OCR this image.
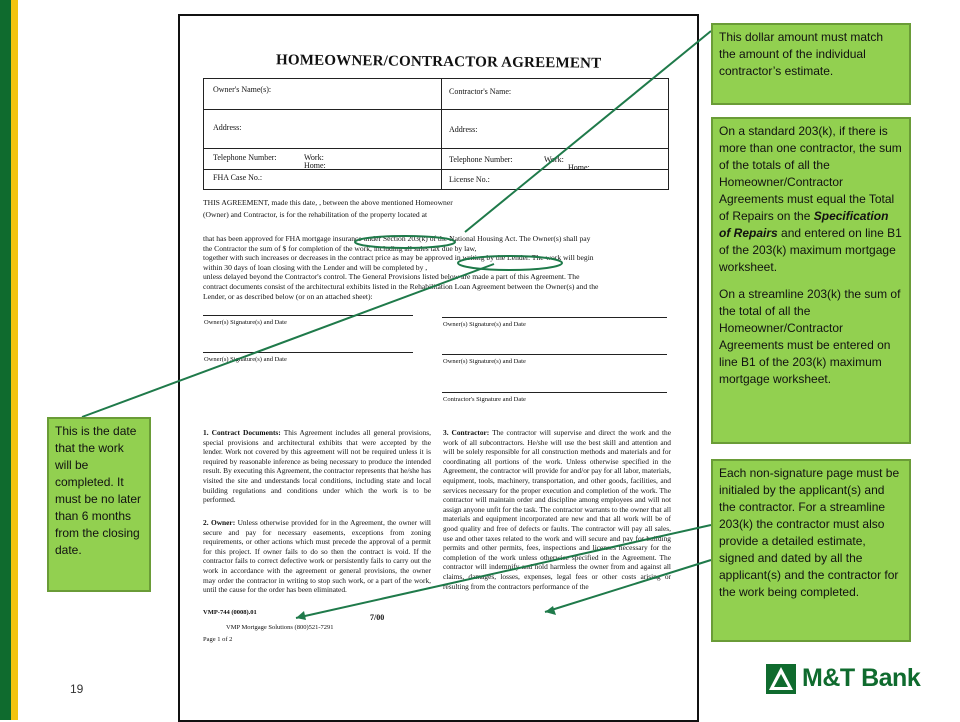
19
HOMEOWNER/CONTRACTOR AGREEMENT
Owner's Name(s):	Contractor's Name:
Address:	Address:
Telephone Number:	Work:
Home:
Telephone Number:	Work:
Home:
FHA Case No.:	License No.:
THIS AGREEMENT, made this date, , between the above mentioned Homeowner
(Owner) and Contractor, is for the rehabilitation of the property located at
that has been approved for FHA mortgage insurance under Section 203(k) of the National Housing Act. The Owner(s) shall pay
the Contractor the sum of $ for completion of the work, including all sales tax due by law,
together with such increases or decreases in the contract price as may be approved in writing by the Lender. The work will begin
within 30 days of loan closing with the Lender and will be completed by ,
unless delayed beyond the Contractor's control. The General Provisions listed below are made a part of this Agreement. The
contract documents consist of the architectural exhibits listed in the Rehabilitation Loan Agreement between the Owner(s) and the
Lender, or as described below (or on an attached sheet):
Owner(s) Signature(s) and Date	Owner(s) Signature(s) and Date
Owner(s) Signature(s) and Date	Owner(s) Signature(s) and Date
Contractor's Signature and Date
1. Contract Documents: This Agreement includes all general provisions, special provisions and architectural exhibits that were accepted by the lender. Work not covered by this agreement will not be required unless it is required by reasonable inference as being necessary to produce the intended result. By executing this Agreement, the contractor represents that he/she has visited the site and understands local conditions, including state and local building regulations and conditions under which the work is to be performed.
2. Owner: Unless otherwise provided for in the Agreement, the owner will secure and pay for necessary easements, exceptions from zoning requirements, or other actions which must precede the approval of a permit for this project. If owner fails to do so then the contract is void. If the contractor fails to correct defective work or persistently fails to carry out the work in accordance with the agreement or general provisions, the owner may order the contractor in writing to stop such work, or a part of the work, until the cause for the order has been eliminated.
3. Contractor: The contractor will supervise and direct the work and the work of all subcontractors. He/she will use the best skill and attention and will be solely responsible for all construction methods and materials and for coordinating all portions of the work. Unless otherwise specified in the Agreement, the contractor will provide for and/or pay for all labor, materials, equipment, tools, machinery, transportation, and other goods, facilities, and services necessary for the proper execution and completion of the work. The contractor will maintain order and discipline among employees and will not assign anyone unfit for the task. The contractor warrants to the owner that all materials and equipment incorporated are new and that all work will be of good quality and free of defects or faults. The contractor will pay all sales, use and other taxes related to the work and will secure and pay for building permits and other permits, fees, inspections and licenses necessary for the completion of the work unless otherwise specified in the Agreement. The contractor will indemnify and hold harmless the owner from and against all claims, damages, losses, expenses, legal fees or other costs arising or resulting from the contractors performance of the
VMP-744 (0008).01
VMP Mortgage Solutions (800)521-7291
7/00
Page 1 of 2

This dollar amount must match the amount of the individual contractor’s estimate.

On a standard 203(k), if there is more than one contractor, the sum of the totals of all the Homeowner/Contractor Agreements must equal the Total of Repairs on the Specification of Repairs and entered on line B1 of the 203(k) maximum mortgage worksheet.

On a streamline 203(k) the sum of the total of all the Homeowner/Contractor Agreements must be entered on line B1 of the 203(k) maximum mortgage worksheet.

Each non-signature page must be initialed by the applicant(s) and the contractor. For a streamline 203(k) the contractor must also provide a detailed estimate, signed and dated by all the applicant(s) and the contractor for the work being completed.

This is the date that the work will be completed. It must be no later than 6 months from the closing date.

M&T Bank
